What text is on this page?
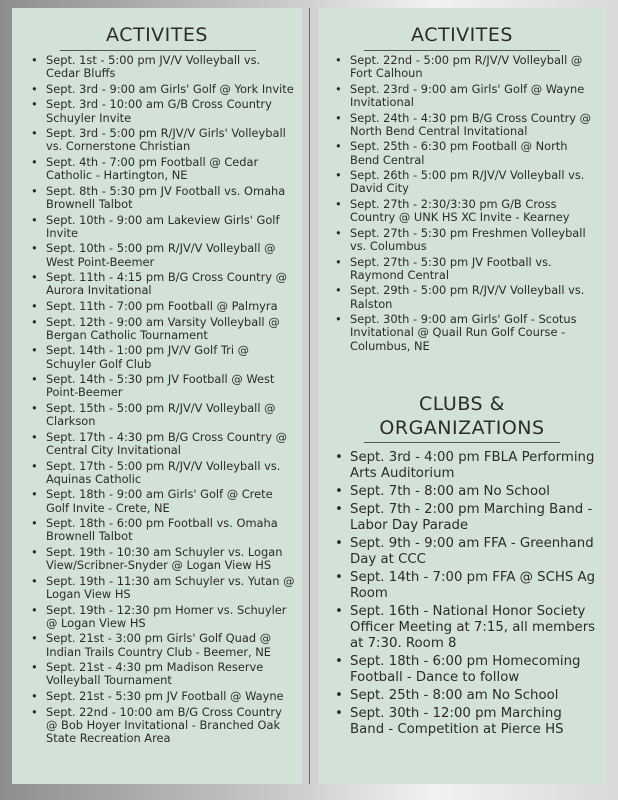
ACTIVITES
• Sept. 1st - 5:00 pm JV/V Volleyball vs. Cedar Bluffs
• Sept. 3rd - 9:00 am Girls' Golf @ York Invite
• Sept. 3rd - 10:00 am G/B Cross Country Schuyler Invite
• Sept. 3rd - 5:00 pm R/JV/V Girls' Volleyball vs. Cornerstone Christian
• Sept. 4th - 7:00 pm Football @ Cedar Catholic - Hartington, NE
• Sept. 8th - 5:30 pm JV Football vs. Omaha Brownell Talbot
• Sept. 10th - 9:00 am Lakeview Girls' Golf Invite
• Sept. 10th - 5:00 pm R/JV/V Volleyball @ West Point-Beemer
• Sept. 11th - 4:15 pm B/G Cross Country @ Aurora Invitational
• Sept. 11th - 7:00 pm Football @ Palmyra
• Sept. 12th - 9:00 am Varsity Volleyball @ Bergan Catholic Tournament
• Sept. 14th - 1:00 pm JV/V Golf Tri @ Schuyler Golf Club
• Sept. 14th - 5:30 pm JV Football @ West Point-Beemer
• Sept. 15th - 5:00 pm R/JV/V Volleyball @ Clarkson
• Sept. 17th - 4:30 pm B/G Cross Country @ Central City Invitational
• Sept. 17th - 5:00 pm R/JV/V Volleyball vs. Aquinas Catholic
• Sept. 18th - 9:00 am Girls' Golf @ Crete Golf Invite - Crete, NE
• Sept. 18th - 6:00 pm Football vs. Omaha Brownell Talbot
• Sept. 19th - 10:30 am Schuyler vs. Logan View/Scribner-Snyder @ Logan View HS
• Sept. 19th - 11:30 am Schuyler vs. Yutan @ Logan View HS
• Sept. 19th - 12:30 pm Homer vs. Schuyler @ Logan View HS
• Sept. 21st - 3:00 pm Girls' Golf Quad @ Indian Trails Country Club - Beemer, NE
• Sept. 21st - 4:30 pm Madison Reserve Volleyball Tournament
• Sept. 21st - 5:30 pm JV Football @ Wayne
• Sept. 22nd - 10:00 am B/G Cross Country @ Bob Hoyer Invitational - Branched Oak State Recreation Area
ACTIVITES
• Sept. 22nd - 5:00 pm R/JV/V Volleyball @ Fort Calhoun
• Sept. 23rd - 9:00 am Girls' Golf @ Wayne Invitational
• Sept. 24th - 4:30 pm B/G Cross Country @ North Bend Central Invitational
• Sept. 25th - 6:30 pm Football @ North Bend Central
• Sept. 26th - 5:00 pm R/JV/V Volleyball vs. David City
• Sept. 27th - 2:30/3:30 pm G/B Cross Country @ UNK HS XC Invite - Kearney
• Sept. 27th - 5:30 pm Freshmen Volleyball vs. Columbus
• Sept. 27th - 5:30 pm JV Football vs. Raymond Central
• Sept. 29th - 5:00 pm R/JV/V Volleyball vs. Ralston
• Sept. 30th - 9:00 am Girls' Golf - Scotus Invitational @ Quail Run Golf Course - Columbus, NE
CLUBS &
ORGANIZATIONS
• Sept. 3rd - 4:00 pm FBLA Performing Arts Auditorium
• Sept. 7th - 8:00 am No School
• Sept. 7th - 2:00 pm Marching Band - Labor Day Parade
• Sept. 9th - 9:00 am FFA - Greenhand Day at CCC
• Sept. 14th - 7:00 pm FFA @ SCHS Ag Room
• Sept. 16th - National Honor Society Officer Meeting at 7:15, all members at 7:30. Room 8
• Sept. 18th - 6:00 pm Homecoming Football - Dance to follow
• Sept. 25th - 8:00 am No School
• Sept. 30th - 12:00 pm Marching Band - Competition at Pierce HS
